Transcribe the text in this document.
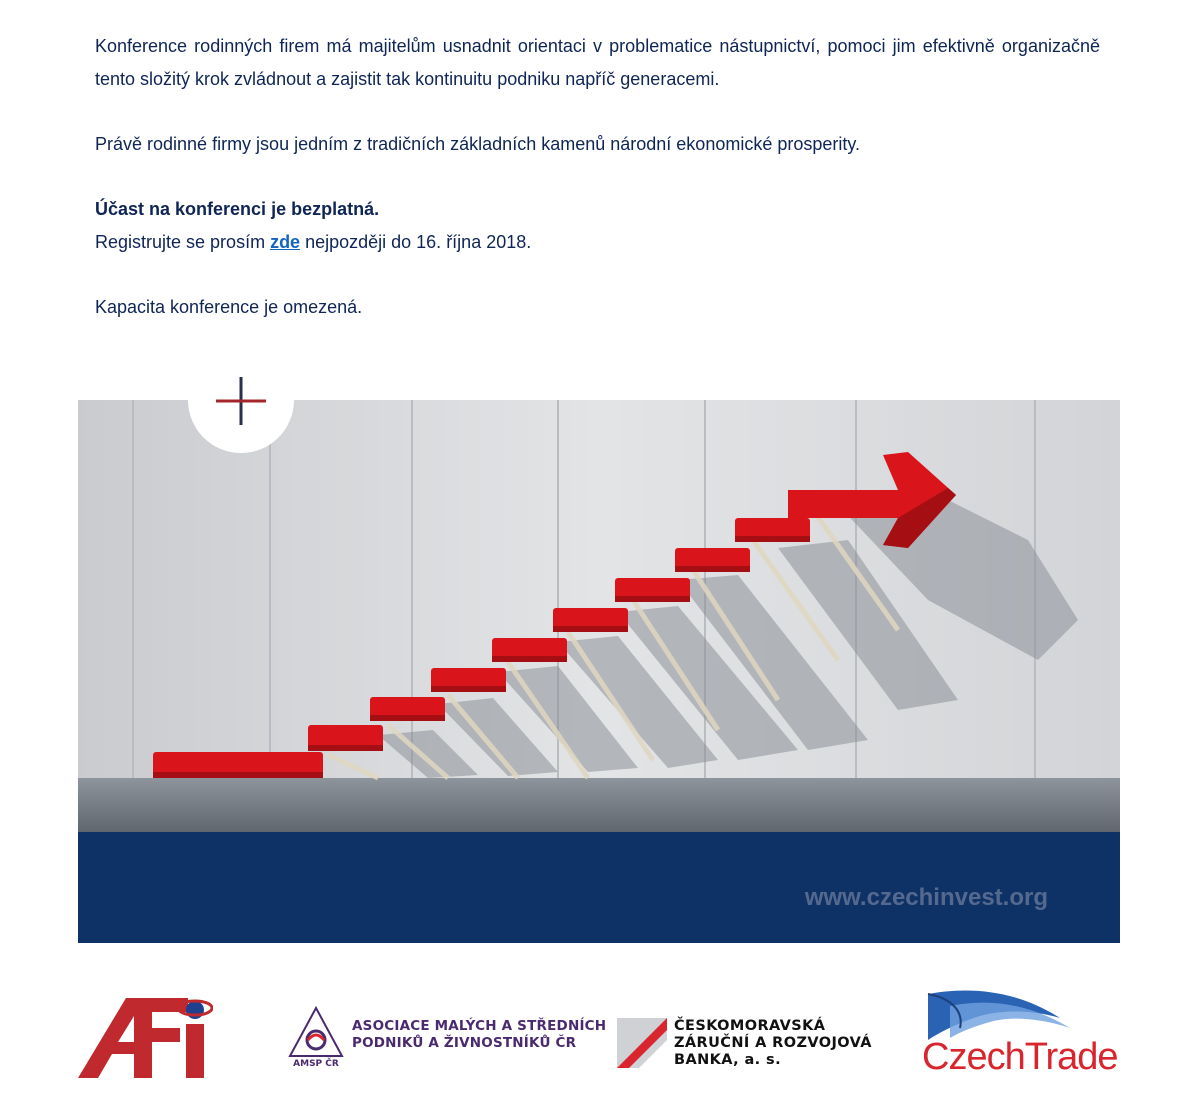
Konference rodinných firem má majitelům usnadnit orientaci v problematice nástupnictví, pomoci jim efektivně organizačně tento složitý krok zvládnout a zajistit tak kontinuitu podniku napříč generacemi.

Právě rodinné firmy jsou jedním z tradičních základních kamenů národní ekonomické prosperity.

Účast na konferenci je bezplatná.

Registrujte se prosím zde nejpozději do 16. října 2018.

Kapacita konference je omezená.

www.czechinvest.org
AMSP ČR
ASOCIACE MALÝCH A STŘEDNÍCH
PODNIKŮ A ŽIVNOSTNÍKŮ ČR
ČESKOMORAVSKÁ
ZÁRUČNÍ A ROZVOJOVÁ
BANKA, a. s.	CzechTrade
